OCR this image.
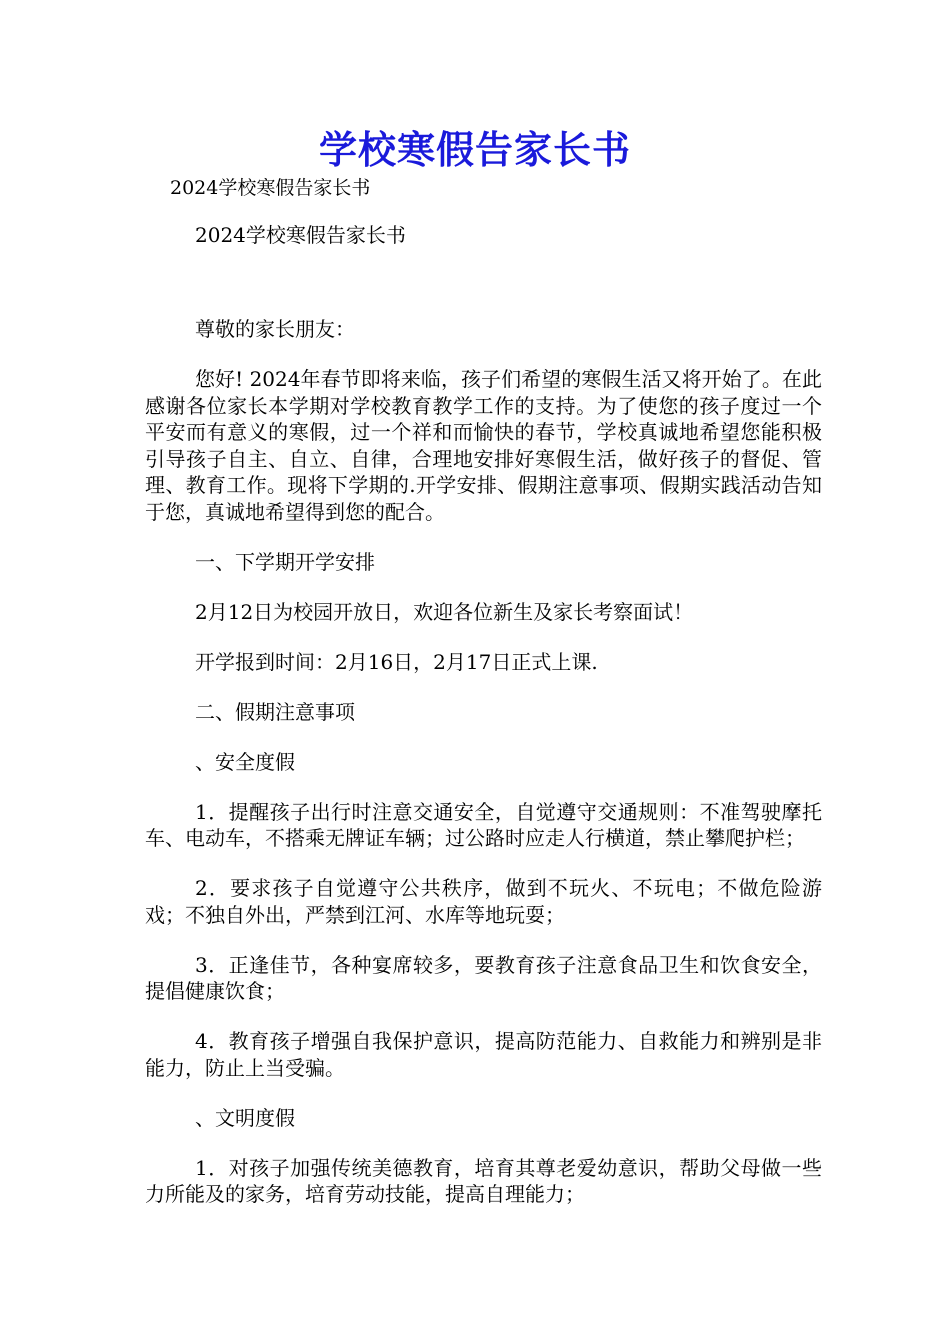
学校寒假告家长书
2024学校寒假告家长书

2024学校寒假告家长书

尊敬的家长朋友：

您好! 2024年春节即将来临，孩子们希望的寒假生活又将开始了。在此感谢各位家长本学期对学校教育教学工作的支持。为了使您的孩子度过一个平安而有意义的寒假，过一个祥和而愉快的春节，学校真诚地希望您能积极引导孩子自主、自立、自律，合理地安排好寒假生活，做好孩子的督促、管理、教育工作。现将下学期的.开学安排、假期注意事项、假期实践活动告知于您，真诚地希望得到您的配合。

一、下学期开学安排

2月12日为校园开放日，欢迎各位新生及家长考察面试！

开学报到时间：2月16日，2月17日正式上课.

二、假期注意事项

、安全度假

1．提醒孩子出行时注意交通安全，自觉遵守交通规则：不准驾驶摩托车、电动车，不搭乘无牌证车辆；过公路时应走人行横道，禁止攀爬护栏；

2．要求孩子自觉遵守公共秩序，做到不玩火、不玩电；不做危险游戏；不独自外出，严禁到江河、水库等地玩耍；

3．正逢佳节，各种宴席较多，要教育孩子注意食品卫生和饮食安全，提倡健康饮食；

4．教育孩子增强自我保护意识，提高防范能力、自救能力和辨别是非能力，防止上当受骗。

、文明度假

1．对孩子加强传统美德教育，培育其尊老爱幼意识，帮助父母做一些力所能及的家务，培育劳动技能，提高自理能力；
